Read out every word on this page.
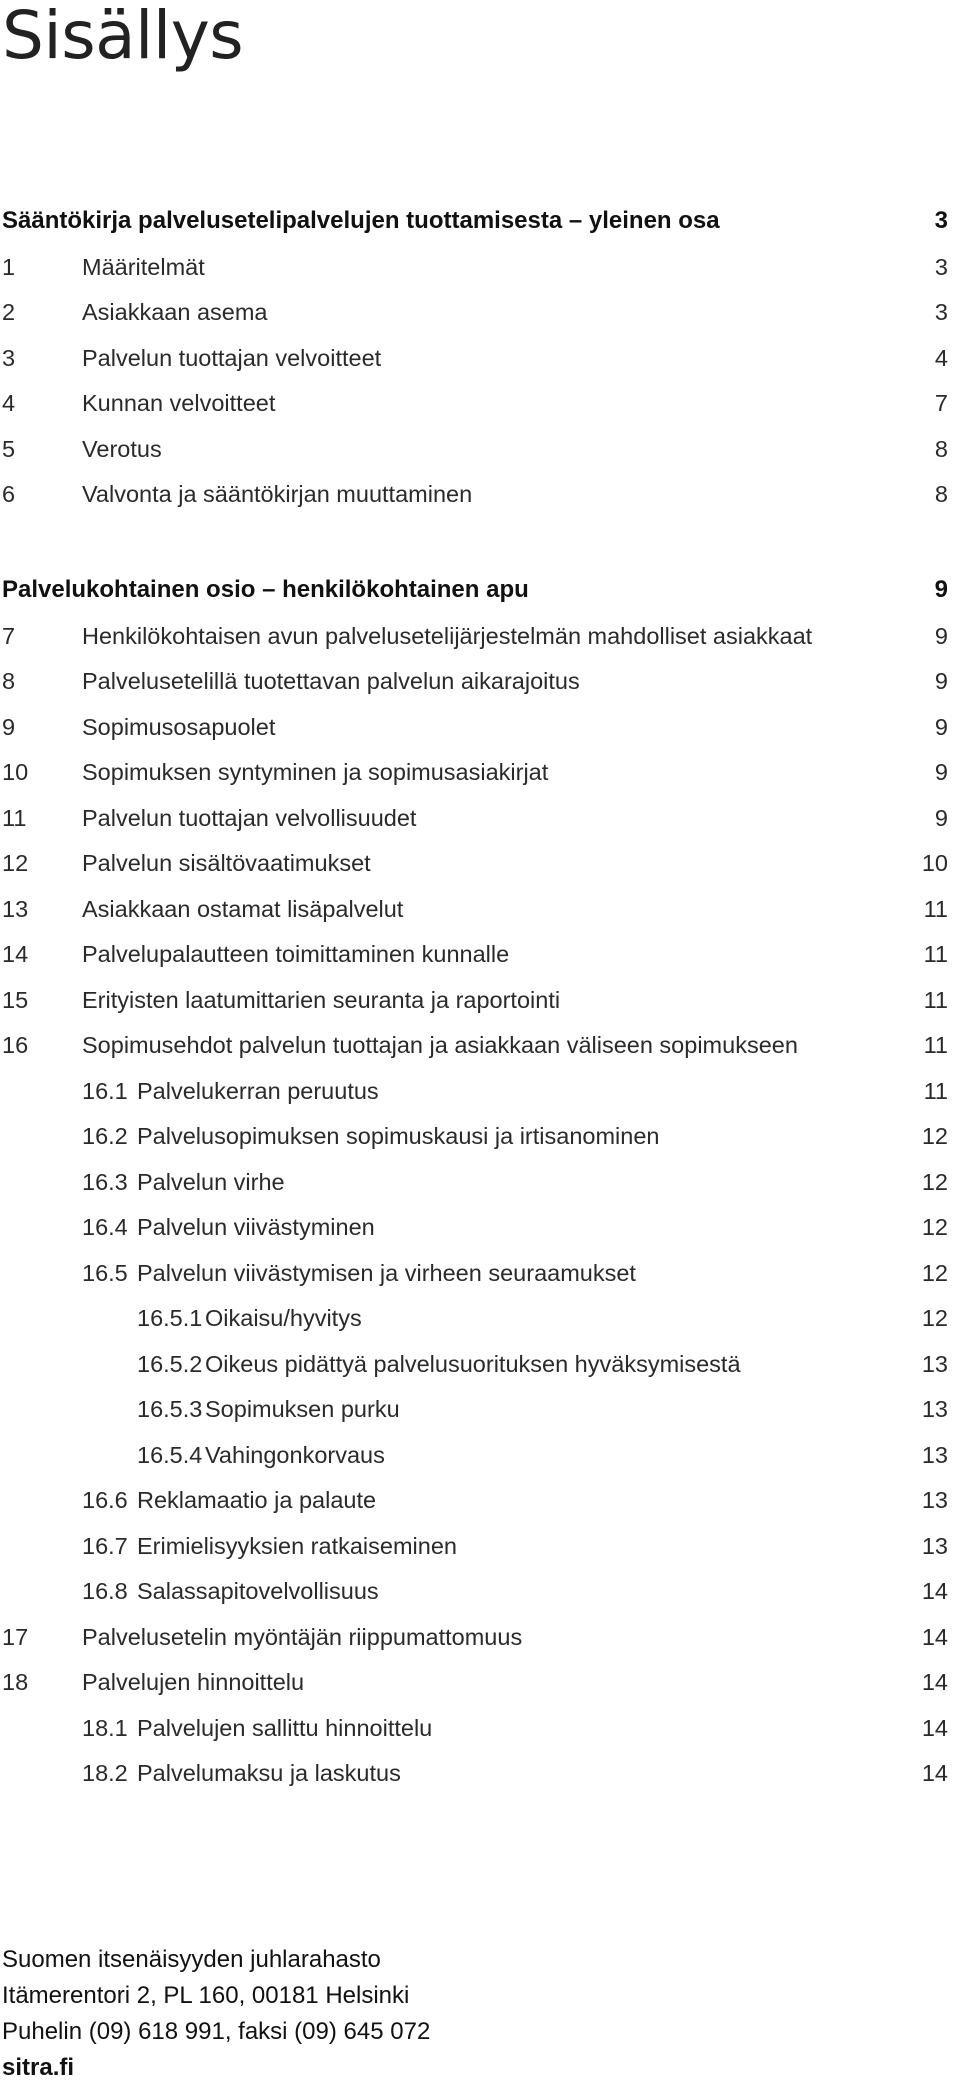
Sisällys
Sääntökirja palvelusetelipalvelujen tuottamisesta – yleinen osa	3
1	Määritelmät	3
2	Asiakkaan asema	3
3	Palvelun tuottajan velvoitteet	4
4	Kunnan velvoitteet	7
5	Verotus	8
6	Valvonta ja sääntökirjan muuttaminen	8
Palvelukohtainen osio – henkilökohtainen apu	9
7	Henkilökohtaisen avun palvelusetelijärjestelmän mahdolliset asiakkaat	9
8	Palvelusetelillä tuotettavan palvelun aikarajoitus	9
9	Sopimusosapuolet	9
10 Sopimuksen syntyminen ja sopimusasiakirjat	9
11 Palvelun tuottajan velvollisuudet	9
12 Palvelun sisältövaatimukset	10
13 Asiakkaan ostamat lisäpalvelut	11
14 Palvelupalautteen toimittaminen kunnalle	11
15 Erityisten laatumittarien seuranta ja raportointi	11
16 Sopimusehdot palvelun tuottajan ja asiakkaan väliseen sopimukseen	11
16.1 Palvelukerran peruutus	11
16.2 Palvelusopimuksen sopimuskausi ja irtisanominen	12
16.3 Palvelun virhe	12
16.4 Palvelun viivästyminen	12
16.5 Palvelun viivästymisen ja virheen seuraamukset	12
16.5.1 Oikaisu/hyvitys	12
16.5.2 Oikeus pidättyä palvelusuorituksen hyväksymisestä	13
16.5.3 Sopimuksen purku	13
16.5.4 Vahingonkorvaus	13
16.6 Reklamaatio ja palaute	13
16.7 Erimielisyyksien ratkaiseminen	13
16.8 Salassapitovelvollisuus	14
17 Palvelusetelin myöntäjän riippumattomuus	14
18 Palvelujen hinnoittelu	14
18.1 Palvelujen sallittu hinnoittelu	14
18.2 Palvelumaksu ja laskutus	14
Suomen itsenäisyyden juhlarahasto
Itämerentori 2, PL 160, 00181 Helsinki
Puhelin (09) 618 991, faksi (09) 645 072
sitra.fi
